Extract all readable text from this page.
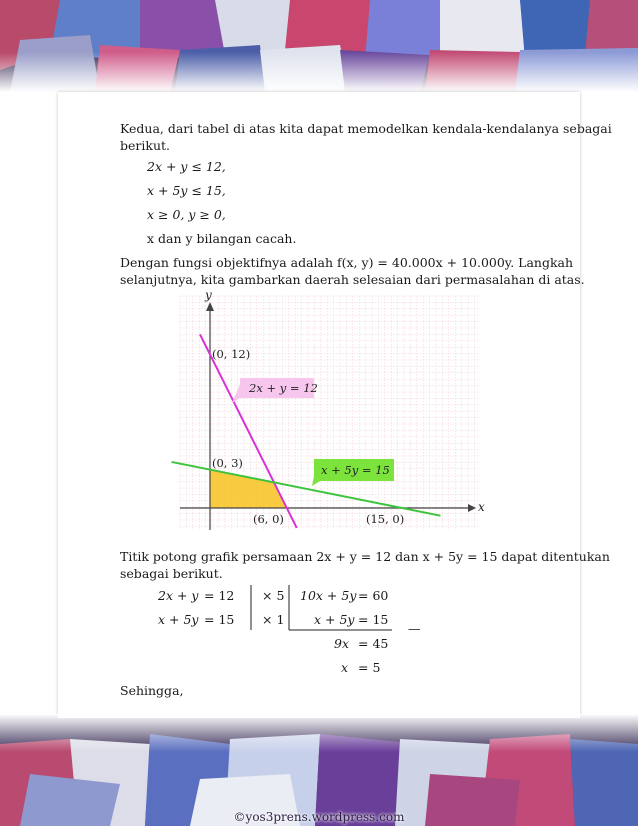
©yos3prens.wordpress.com
Kedua, dari tabel di atas kita dapat memodelkan kendala-kendalanya sebagai
berikut.
2x + y ≤ 12,
x + 5y ≤ 15,
x ≥ 0, y ≥ 0,
x dan y bilangan cacah.
Dengan fungsi objektifnya adalah f(x, y) = 40.000x + 10.000y. Langkah
selanjutnya, kita gambarkan daerah selesaian dari permasalahan di atas.
2x + y = 12
x + 5y = 15
(0, 12)
(0, 3)
(6, 0)	(15, 0)
y
x
Titik potong grafik persamaan 2x + y = 12 dan x + 5y = 15 dapat ditentukan
sebagai berikut.
2x + y = 12 × 5 10x + 5y = 60
x + 5y = 15 × 1 x + 5y = 15
—
9x = 45
x = 5
Sehingga,
